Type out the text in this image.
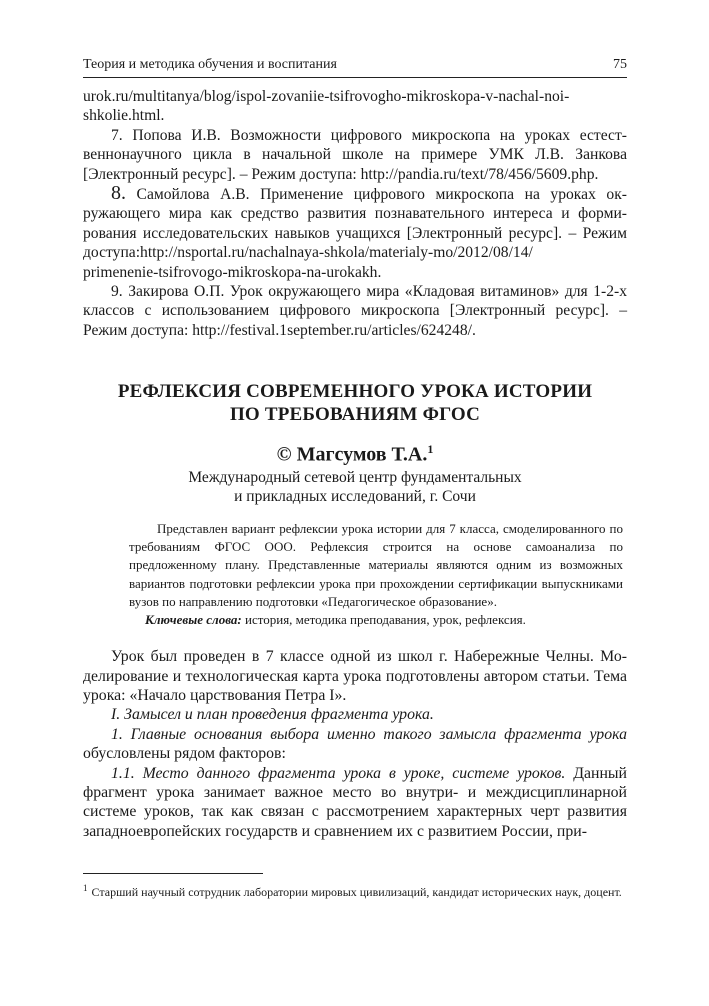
Теория и методика обучения и воспитания	75

urok.ru/multitanya/blog/ispol-zovaniie-tsifrovogho-mikroskopa-v-nachal-noi-
shkolie.html.

7. Попова И.В. Возможности цифрового микроскопа на уроках естественнонаучного цикла в начальной школе на примере УМК Л.В. Занкова [Электронный ресурс]. – Режим доступа: http://pandia.ru/text/78/456/5609.php.

8. Самойлова А.В. Применение цифрового микроскопа на уроках окружающего мира как средство развития познавательного интереса и формирования исследовательских навыков учащихся [Электронный ресурс]. – Режим доступа:http://nsportal.ru/nachalnaya-shkola/materialy-mo/2012/08/14/ primenenie-tsifrovogo-mikroskopa-na-urokakh.

9. Закирова О.П. Урок окружающего мира «Кладовая витаминов» для 1-2-х классов с использованием цифрового микроскопа [Электронный ресурс]. – Режим доступа: http://festival.1september.ru/articles/624248/.

РЕФЛЕКСИЯ СОВРЕМЕННОГО УРОКА ИСТОРИИ
ПО ТРЕБОВАНИЯМ ФГОС
© Магсумов Т.А.$^1$
Международный сетевой центр фундаментальных
и прикладных исследований, г. Сочи

Представлен вариант рефлексии урока истории для 7 класса, смоделированного по требованиям ФГОС ООО. Рефлексия строится на основе самоанализа по предложенному плану. Представленные материалы являются одним из возможных вариантов подготовки рефлексии урока при прохождении сертификации выпускниками вузов по направлению подготовки «Педагогическое образование».

Ключевые слова: история, методика преподавания, урок, рефлексия.

Урок был проведен в 7 классе одной из школ г. Набережные Челны. Моделирование и технологическая карта урока подготовлены автором статьи. Тема урока: «Начало царствования Петра I».

I. Замысел и план проведения фрагмента урока.

1. Главные основания выбора именно такого замысла фрагмента урока обусловлены рядом факторов:

1.1. Место данного фрагмента урока в уроке, системе уроков. Данный фрагмент урока занимает важное место во внутри- и междисциплинарной системе уроков, так как связан с рассмотрением характерных черт развития западноевропейских государств и сравнением их с развитием России, при-

$^1$ Старший научный сотрудник лаборатории мировых цивилизаций, кандидат исторических наук, доцент.
